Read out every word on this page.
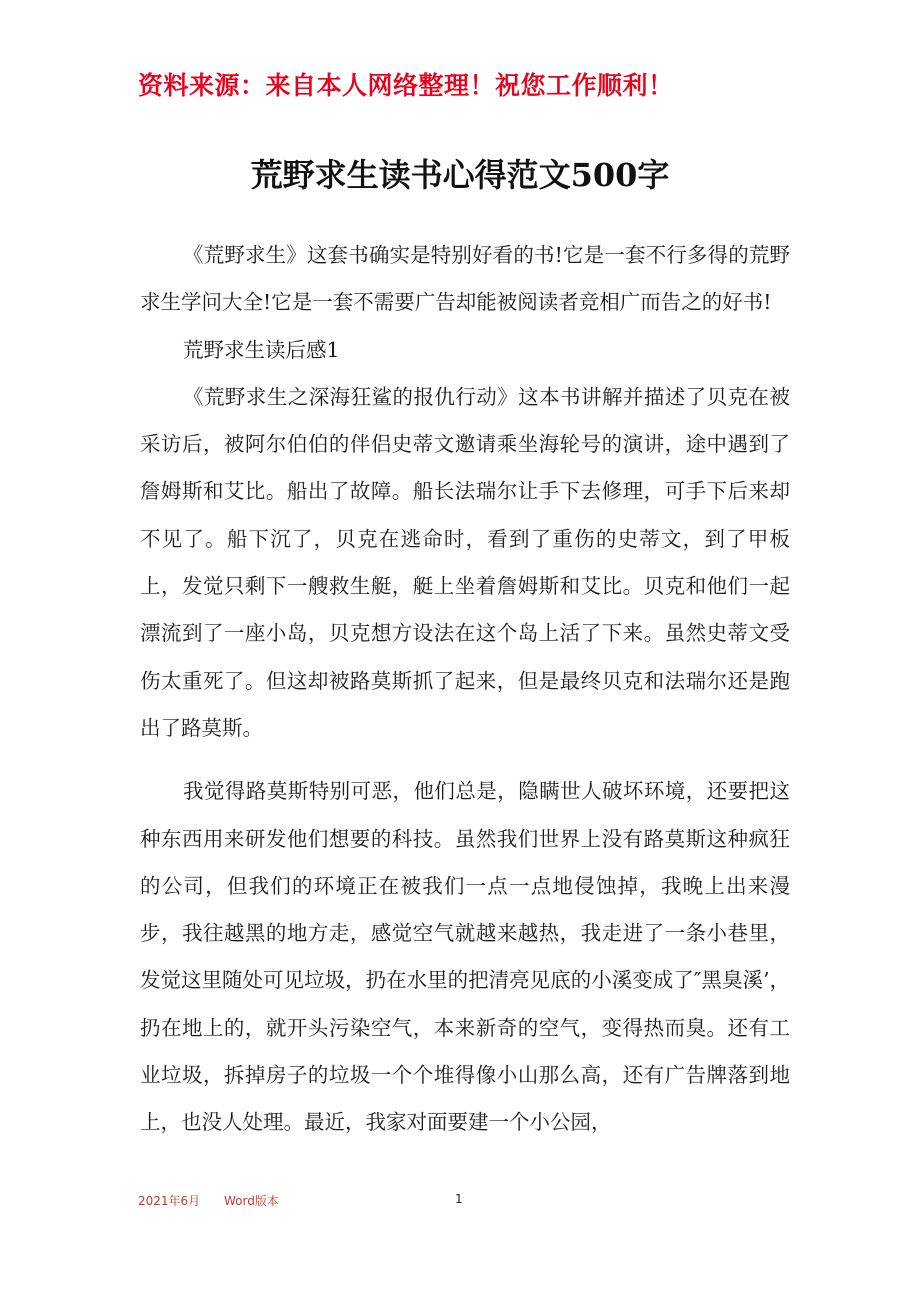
资料来源：来自本人网络整理！祝您工作顺利！
荒野求生读书心得范文500字

《荒野求生》这套书确实是特别好看的书!它是一套不行多得的荒野求生学问大全!它是一套不需要广告却能被阅读者竞相广而告之的好书!

荒野求生读后感1

《荒野求生之深海狂鲨的报仇行动》这本书讲解并描述了贝克在被采访后，被阿尔伯伯的伴侣史蒂文邀请乘坐海轮号的演讲，途中遇到了詹姆斯和艾比。船出了故障。船长法瑞尔让手下去修理，可手下后来却不见了。船下沉了，贝克在逃命时，看到了重伤的史蒂文，到了甲板上，发觉只剩下一艘救生艇，艇上坐着詹姆斯和艾比。贝克和他们一起漂流到了一座小岛，贝克想方设法在这个岛上活了下来。虽然史蒂文受伤太重死了。但这却被路莫斯抓了起来，但是最终贝克和法瑞尔还是跑出了路莫斯。

我觉得路莫斯特别可恶，他们总是，隐瞒世人破坏环境，还要把这种东西用来研发他们想要的科技。虽然我们世界上没有路莫斯这种疯狂的公司，但我们的环境正在被我们一点一点地侵蚀掉，我晚上出来漫步，我往越黑的地方走，感觉空气就越来越热，我走进了一条小巷里，发觉这里随处可见垃圾，扔在水里的把清亮见底的小溪变成了″黑臭溪’，扔在地上的，就开头污染空气，本来新奇的空气，变得热而臭。还有工业垃圾，拆掉房子的垃圾一个个堆得像小山那么高，还有广告牌落到地上，也没人处理。最近，我家对面要建一个小公园，

2021年6月 Word版本	1
